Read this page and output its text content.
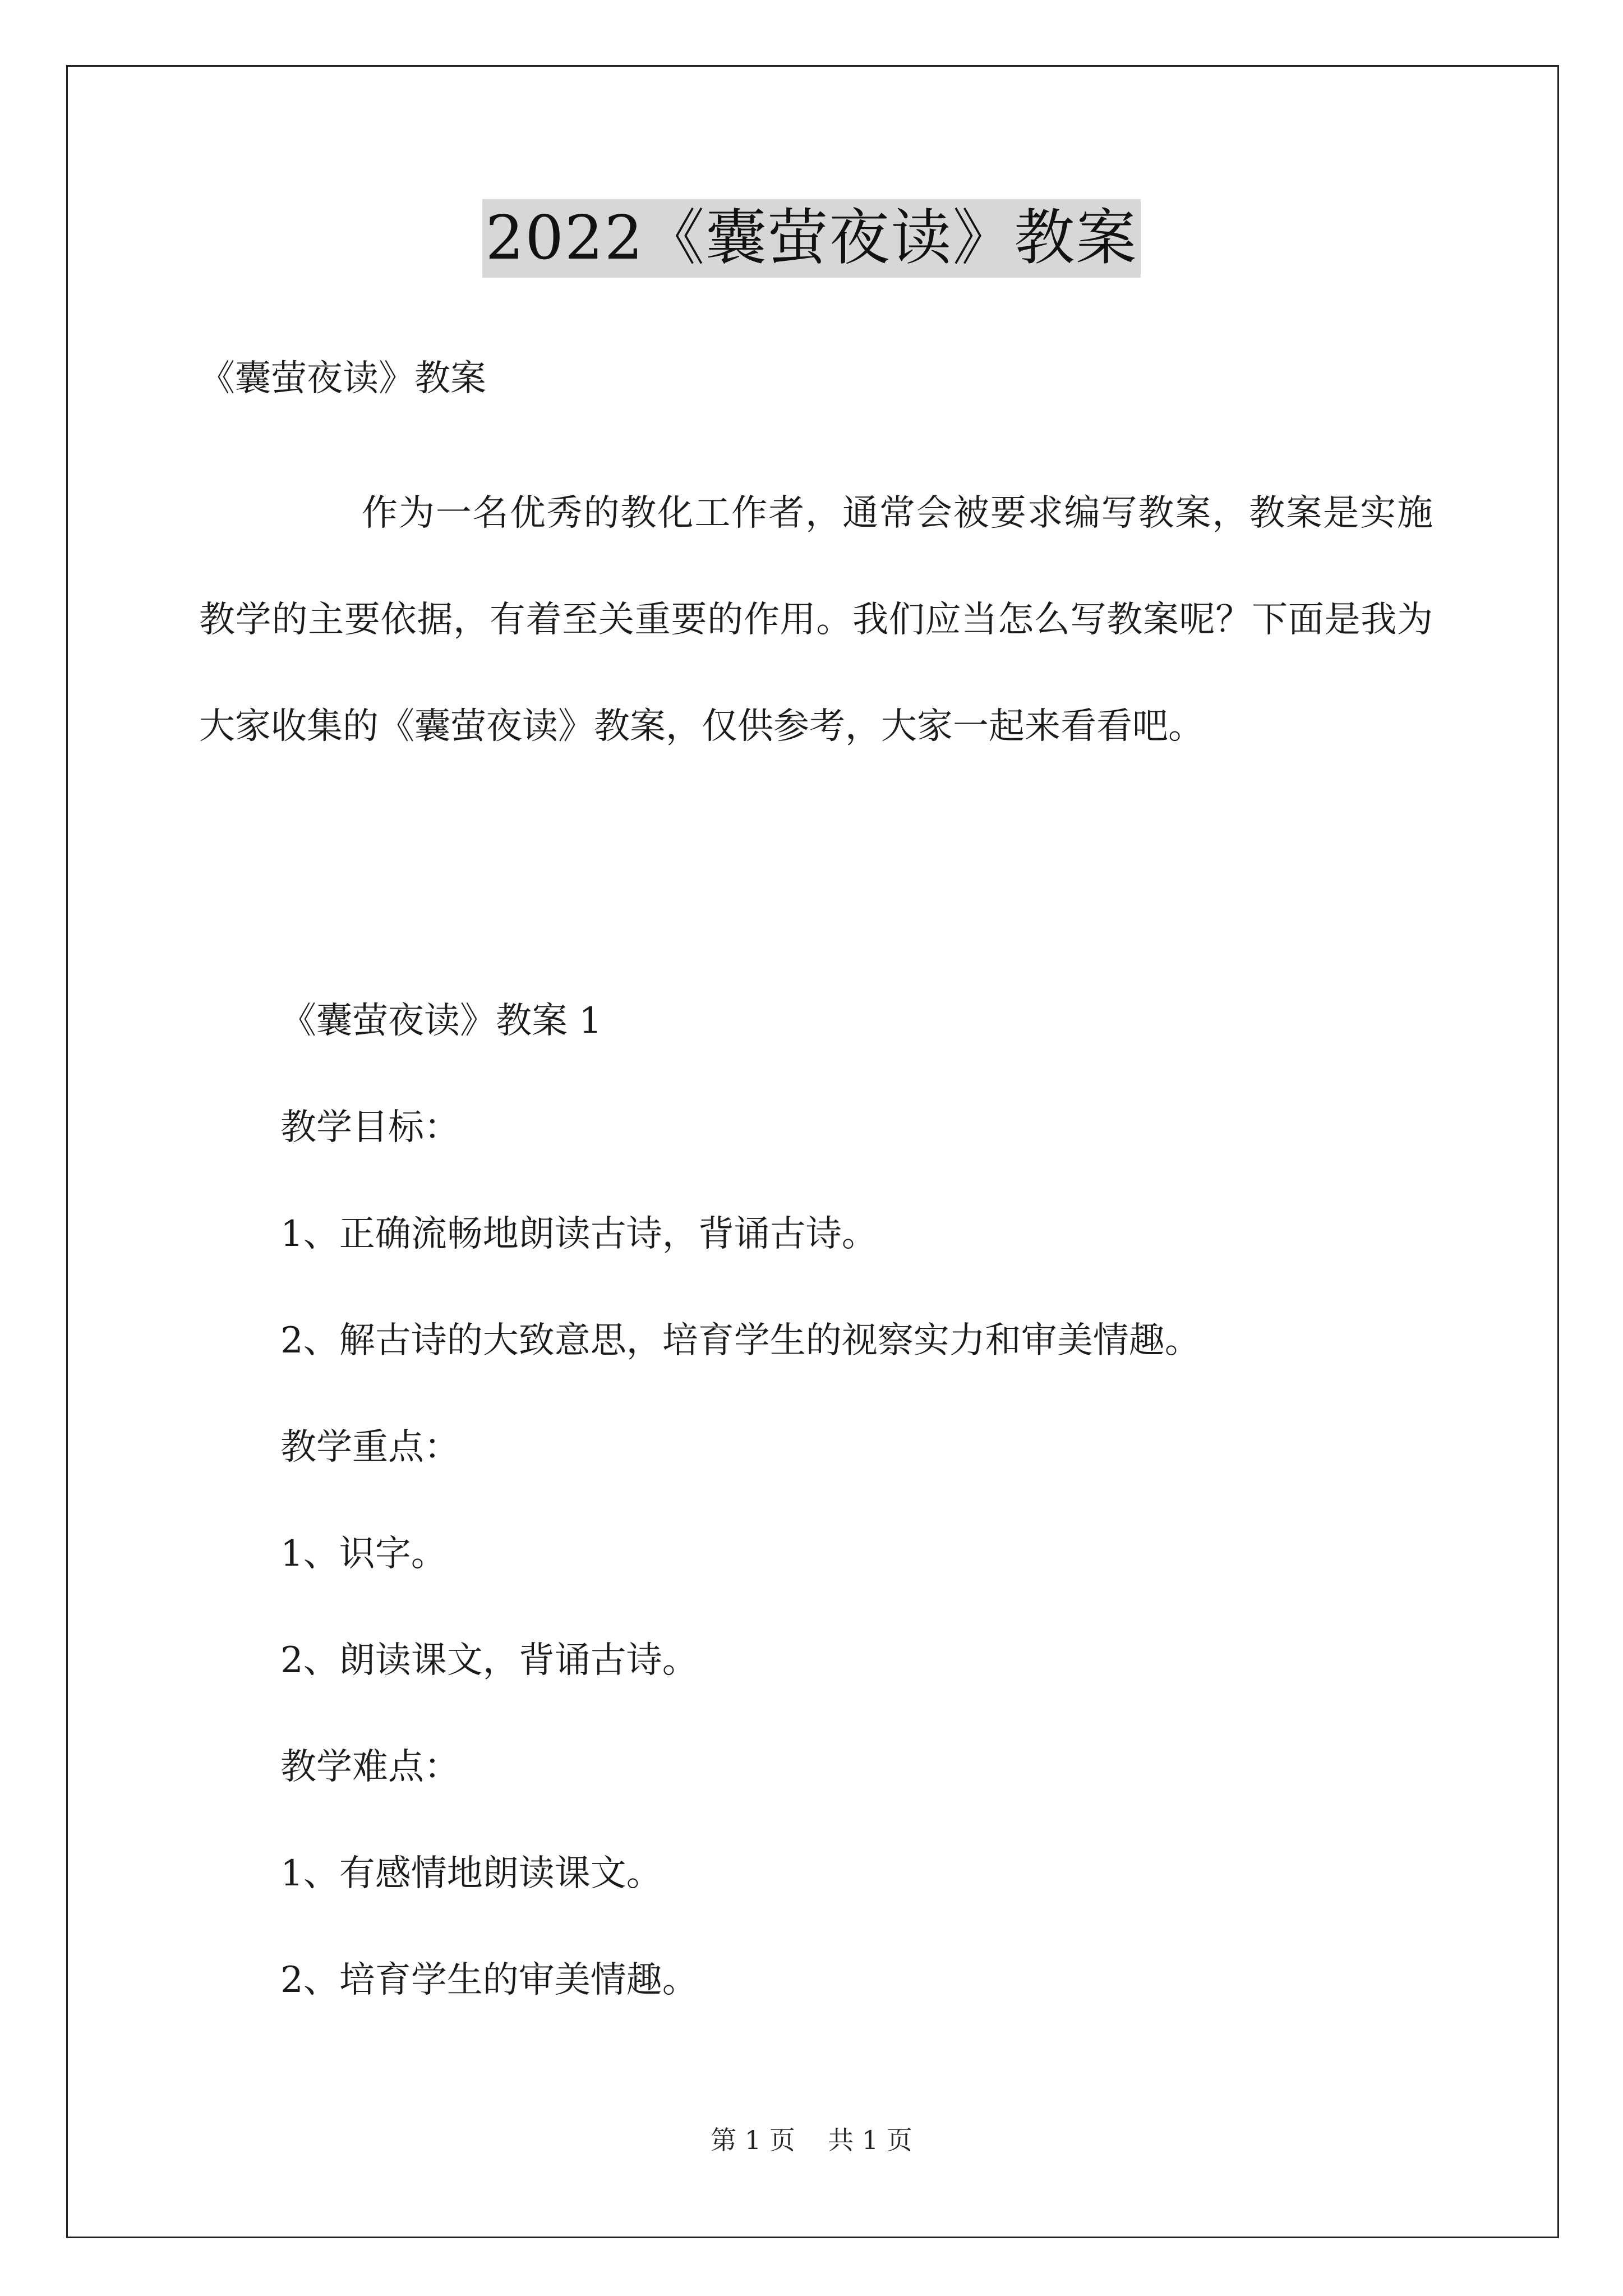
2022《囊萤夜读》教案
《囊萤夜读》教案

作为一名优秀的教化工作者，通常会被要求编写教案，教案是实施教学的主要依据，有着至关重要的作用。我们应当怎么写教案呢？下面是我为大家收集的《囊萤夜读》教案，仅供参考，大家一起来看看吧。

《囊萤夜读》教案 1
教学目标：
1、正确流畅地朗读古诗，背诵古诗。
2、解古诗的大致意思，培育学生的视察实力和审美情趣。
教学重点：
1、识字。
2、朗读课文，背诵古诗。
教学难点：
1、有感情地朗读课文。
2、培育学生的审美情趣。
第 1 页    共 1 页
